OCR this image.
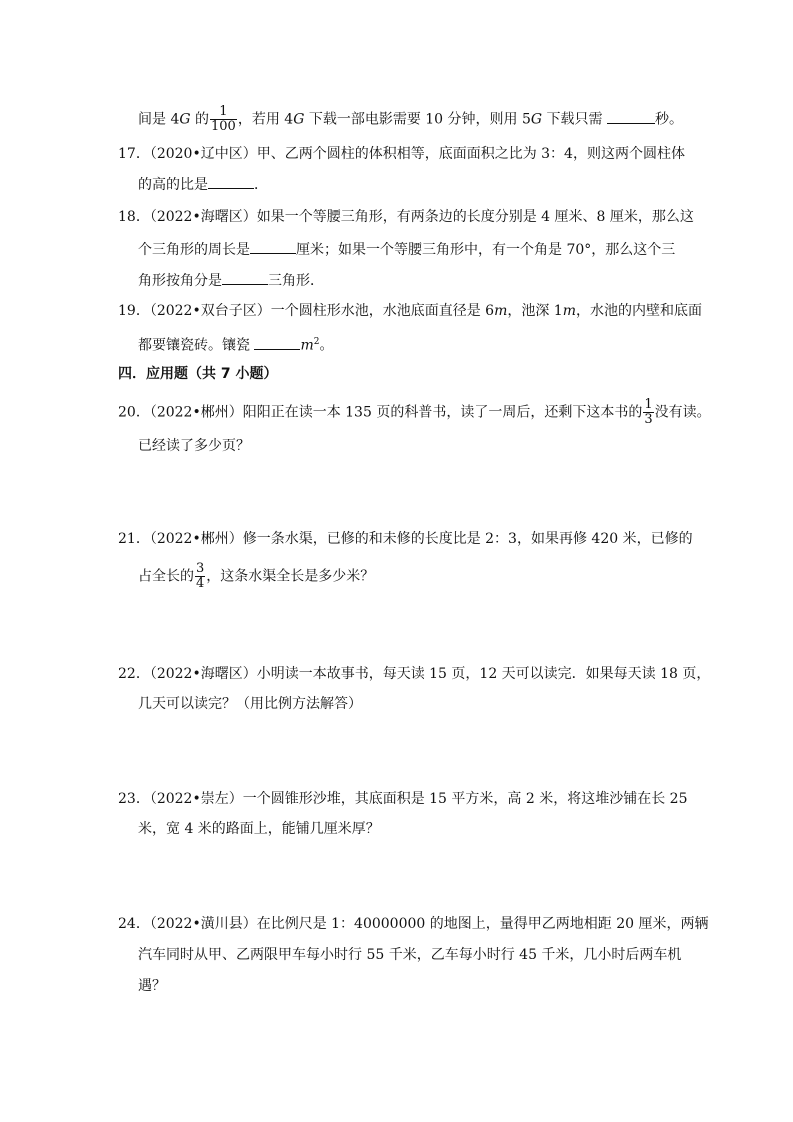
间是 4G 的 $\frac{1}{100}$ ，若用 4G 下载一部电影需要 10 分钟，则用 5G 下载只需	秒。
17．（2020•辽中区）甲、乙两个圆柱的体积相等，底面面积之比为 3：4，则这两个圆柱体
的高的比是	．
18．（2022•海曙区）如果一个等腰三角形，有两条边的长度分别是 4 厘米、8 厘米，那么这
个三角形的周长是	厘米；如果一个等腰三角形中，有一个角是 70°，那么这个三
角形按角分是	三角形．
19．（2022•双台子区）一个圆柱形水池，水池底面直径是 6m，池深 1m，水池的内壁和底面
都要镶瓷砖。镶瓷	$m^2$。
四．应用题（共 7 小题）
20．（2022•郴州）阳阳正在读一本 135 页的科普书，读了一周后，还剩下这本书的 $\frac{1}{3}$ 没有读。
已经读了多少页？
21．（2022•郴州）修一条水渠，已修的和未修的长度比是 2：3，如果再修 420 米，已修的
占全长的 $\frac{3}{4}$ ，这条水渠全长是多少米？
22．（2022•海曙区）小明读一本故事书，每天读 15 页，12 天可以读完．如果每天读 18 页，
几天可以读完？（用比例方法解答）
23．（2022•崇左）一个圆锥形沙堆，其底面积是 15 平方米，高 2 米，将这堆沙铺在长 25
米，宽 4 米的路面上，能铺几厘米厚？
24．（2022•潢川县）在比例尺是 1：40000000 的地图上，量得甲乙两地相距 20 厘米，两辆
汽车同时从甲、乙两限甲车每小时行 55 千米，乙车每小时行 45 千米，几小时后两车机
遇？
